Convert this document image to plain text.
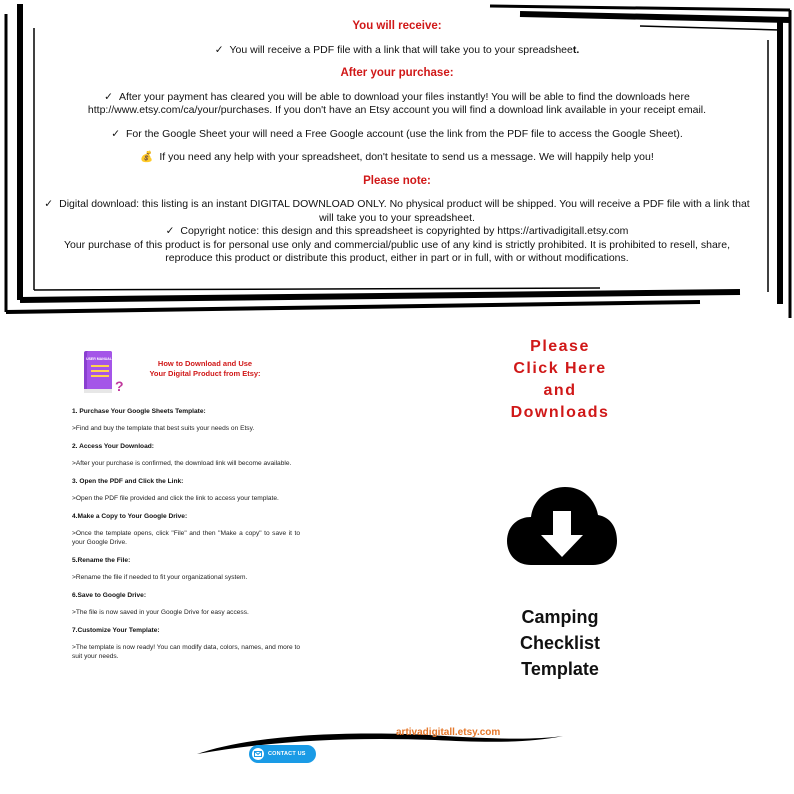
You will receive:
✓ You will receive a PDF file with a link that will take you to your spreadsheet.
After your purchase:
✓ After your payment has cleared you will be able to download your files instantly! You will be able to find the downloads here http://www.etsy.com/ca/your/purchases. If you don't have an Etsy account you will find a download link available in your receipt email.
✓ For the Google Sheet your will need a Free Google account (use the link from the PDF file to access the Google Sheet).
💰 If you need any help with your spreadsheet, don't hesitate to send us a message. We will happily help you!
Please note:
✓ Digital download: this listing is an instant DIGITAL DOWNLOAD ONLY. No physical product will be shipped. You will receive a PDF file with a link that will take you to your spreadsheet.
✓ Copyright notice: this design and this spreadsheet is copyrighted by https://artivadigitall.etsy.com
Your purchase of this product is for personal use only and commercial/public use of any kind is strictly prohibited. It is prohibited to resell, share, reproduce this product or distribute this product, either in part or in full, with or without modifications.
USER MANUAL
?
How to Download and Use
Your Digital Product from Etsy:
1. Purchase Your Google Sheets Template:
>Find and buy the template that best suits your needs on Etsy.
2. Access Your Download:
>After your purchase is confirmed, the download link will become available.
3. Open the PDF and Click the Link:
>Open the PDF file provided and click the link to access your template.
4.Make a Copy to Your Google Drive:
>Once the template opens, click "File" and then "Make a copy" to save it to your Google Drive.
5.Rename the File:
>Rename the file if needed to fit your organizational system.
6.Save to Google Drive:
>The file is now saved in your Google Drive for easy access.
7.Customize Your Template:
>The template is now ready! You can modify data, colors, names, and more to suit your needs.
Please
Click Here
and
Downloads
Camping
Checklist
Template
artivadigitall.etsy.com
CONTACT US
